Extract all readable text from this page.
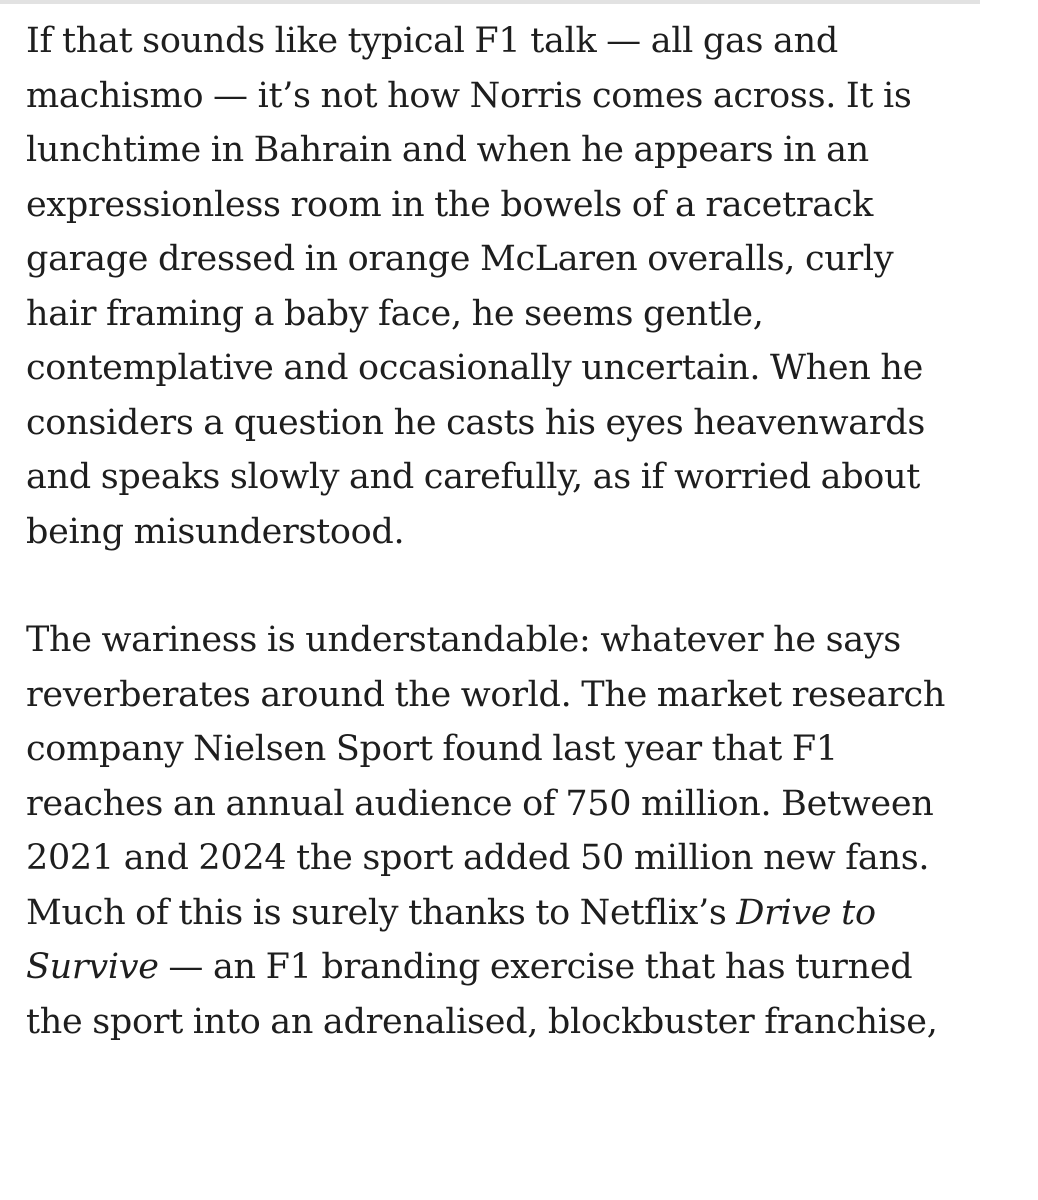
If that sounds like typical F1 talk — all gas and
machismo — it’s not how Norris comes across. It is
lunchtime in Bahrain and when he appears in an
expressionless room in the bowels of a racetrack
garage dressed in orange McLaren overalls, curly
hair framing a baby face, he seems gentle,
contemplative and occasionally uncertain. When he
considers a question he casts his eyes heavenwards
and speaks slowly and carefully, as if worried about
being misunderstood.

The wariness is understandable: whatever he says
reverberates around the world. The market research
company Nielsen Sport found last year that F1
reaches an annual audience of 750 million. Between
2021 and 2024 the sport added 50 million new fans.
Much of this is surely thanks to Netflix’s Drive to
Survive — an F1 branding exercise that has turned
the sport into an adrenalised, blockbuster franchise,
